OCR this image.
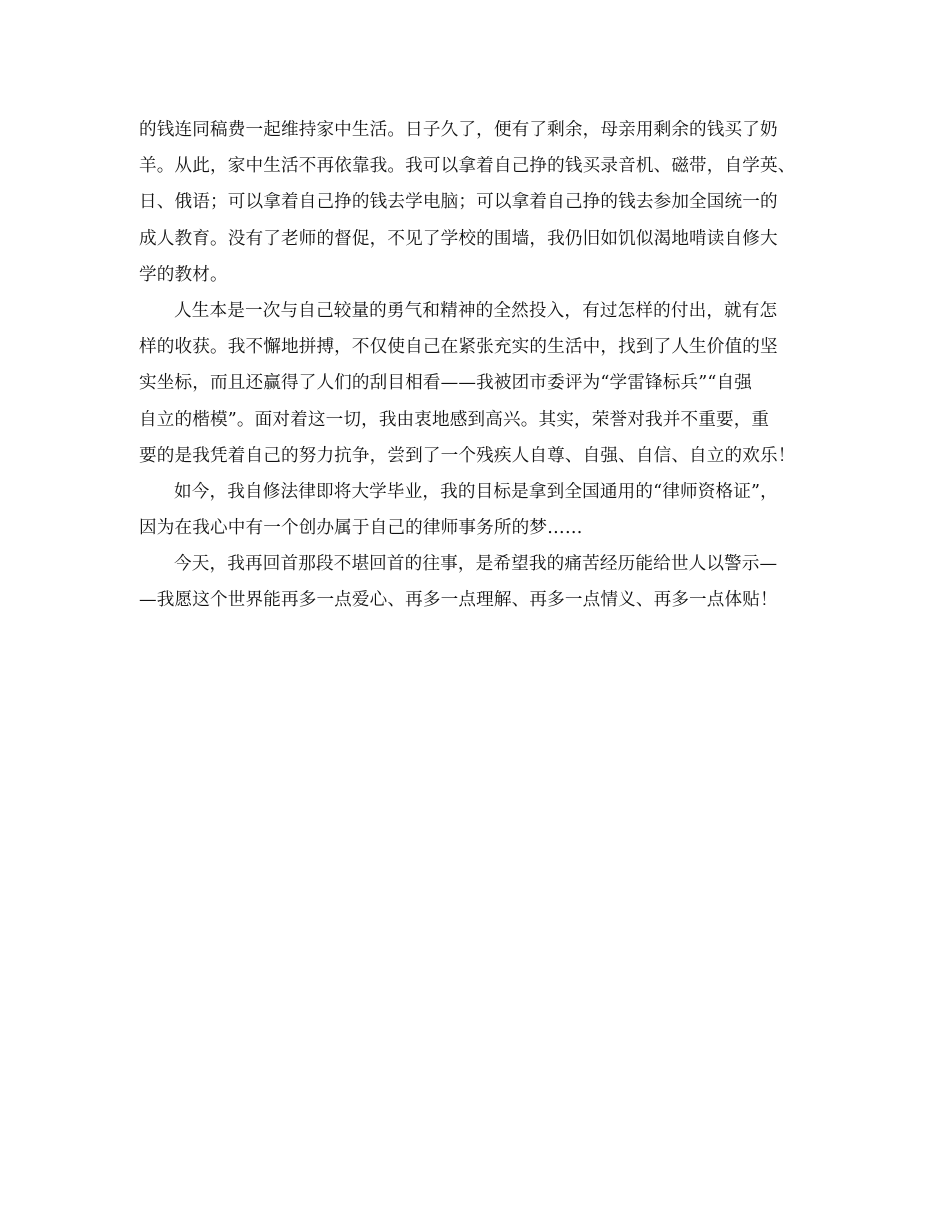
的钱连同稿费一起维持家中生活。日子久了，便有了剩余，母亲用剩余的钱买了奶
羊。从此，家中生活不再依靠我。我可以拿着自己挣的钱买录音机、磁带，自学英、
日、俄语；可以拿着自己挣的钱去学电脑；可以拿着自己挣的钱去参加全国统一的
成人教育。没有了老师的督促，不见了学校的围墙，我仍旧如饥似渴地啃读自修大
学的教材。
人生本是一次与自己较量的勇气和精神的全然投入，有过怎样的付出，就有怎
样的收获。我不懈地拼搏，不仅使自己在紧张充实的生活中，找到了人生价值的坚
实坐标，而且还赢得了人们的刮目相看——我被团市委评为“学雷锋标兵”“自强
自立的楷模”。面对着这一切，我由衷地感到高兴。其实，荣誉对我并不重要，重
要的是我凭着自己的努力抗争，尝到了一个残疾人自尊、自强、自信、自立的欢乐！
如今，我自修法律即将大学毕业，我的目标是拿到全国通用的“律师资格证”，
因为在我心中有一个创办属于自己的律师事务所的梦……
今天，我再回首那段不堪回首的往事，是希望我的痛苦经历能给世人以警示—
—我愿这个世界能再多一点爱心、再多一点理解、再多一点情义、再多一点体贴！
